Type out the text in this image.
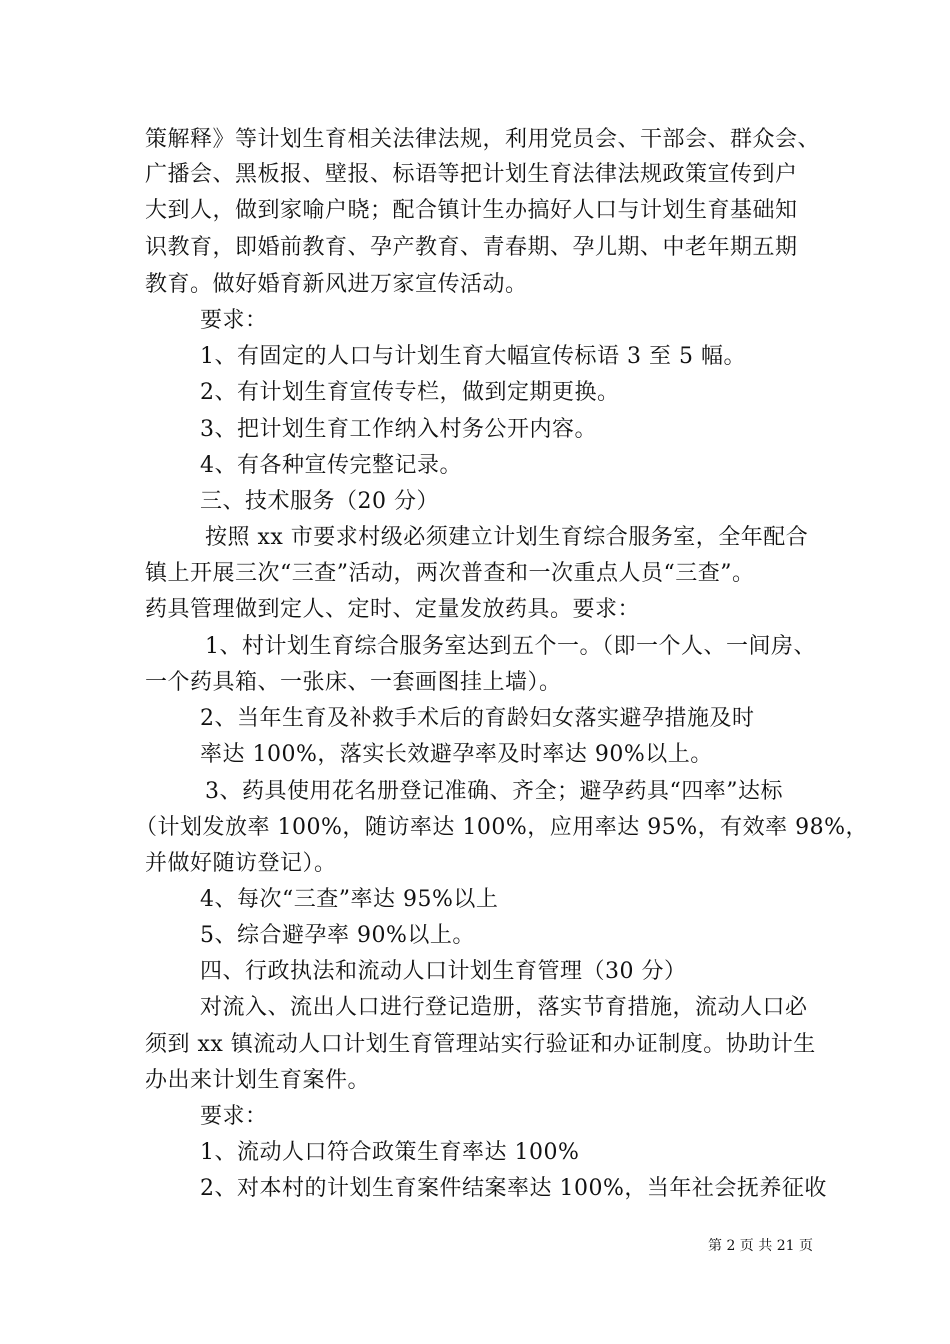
策解释》等计划生育相关法律法规，利用党员会、干部会、群众会、
广播会、黑板报、壁报、标语等把计划生育法律法规政策宣传到户
大到人，做到家喻户晓；配合镇计生办搞好人口与计划生育基础知
识教育，即婚前教育、孕产教育、青春期、孕儿期、中老年期五期
教育。做好婚育新风进万家宣传活动。
要求：
1、有固定的人口与计划生育大幅宣传标语 3 至 5 幅。
2、有计划生育宣传专栏，做到定期更换。
3、把计划生育工作纳入村务公开内容。
4、有各种宣传完整记录。
三、技术服务（20 分）
按照 xx 市要求村级必须建立计划生育综合服务室，全年配合
镇上开展三次“三查”活动，两次普查和一次重点人员“三查”。
药具管理做到定人、定时、定量发放药具。要求：
1、村计划生育综合服务室达到五个一。（即一个人、一间房、
一个药具箱、一张床、一套画图挂上墙）。
2、当年生育及补救手术后的育龄妇女落实避孕措施及时
率达 100%，落实长效避孕率及时率达 90%以上。
3、药具使用花名册登记准确、齐全；避孕药具“四率”达标
（计划发放率 100%，随访率达 100%，应用率达 95%，有效率 98%，
并做好随访登记）。
4、每次“三查”率达 95%以上
5、综合避孕率 90%以上。
四、行政执法和流动人口计划生育管理（30 分）
对流入、流出人口进行登记造册，落实节育措施，流动人口必
须到 xx 镇流动人口计划生育管理站实行验证和办证制度。协助计生
办出来计划生育案件。
要求：
1、流动人口符合政策生育率达 100%
2、对本村的计划生育案件结案率达 100%，当年社会抚养征收
第 2 页 共 21 页
